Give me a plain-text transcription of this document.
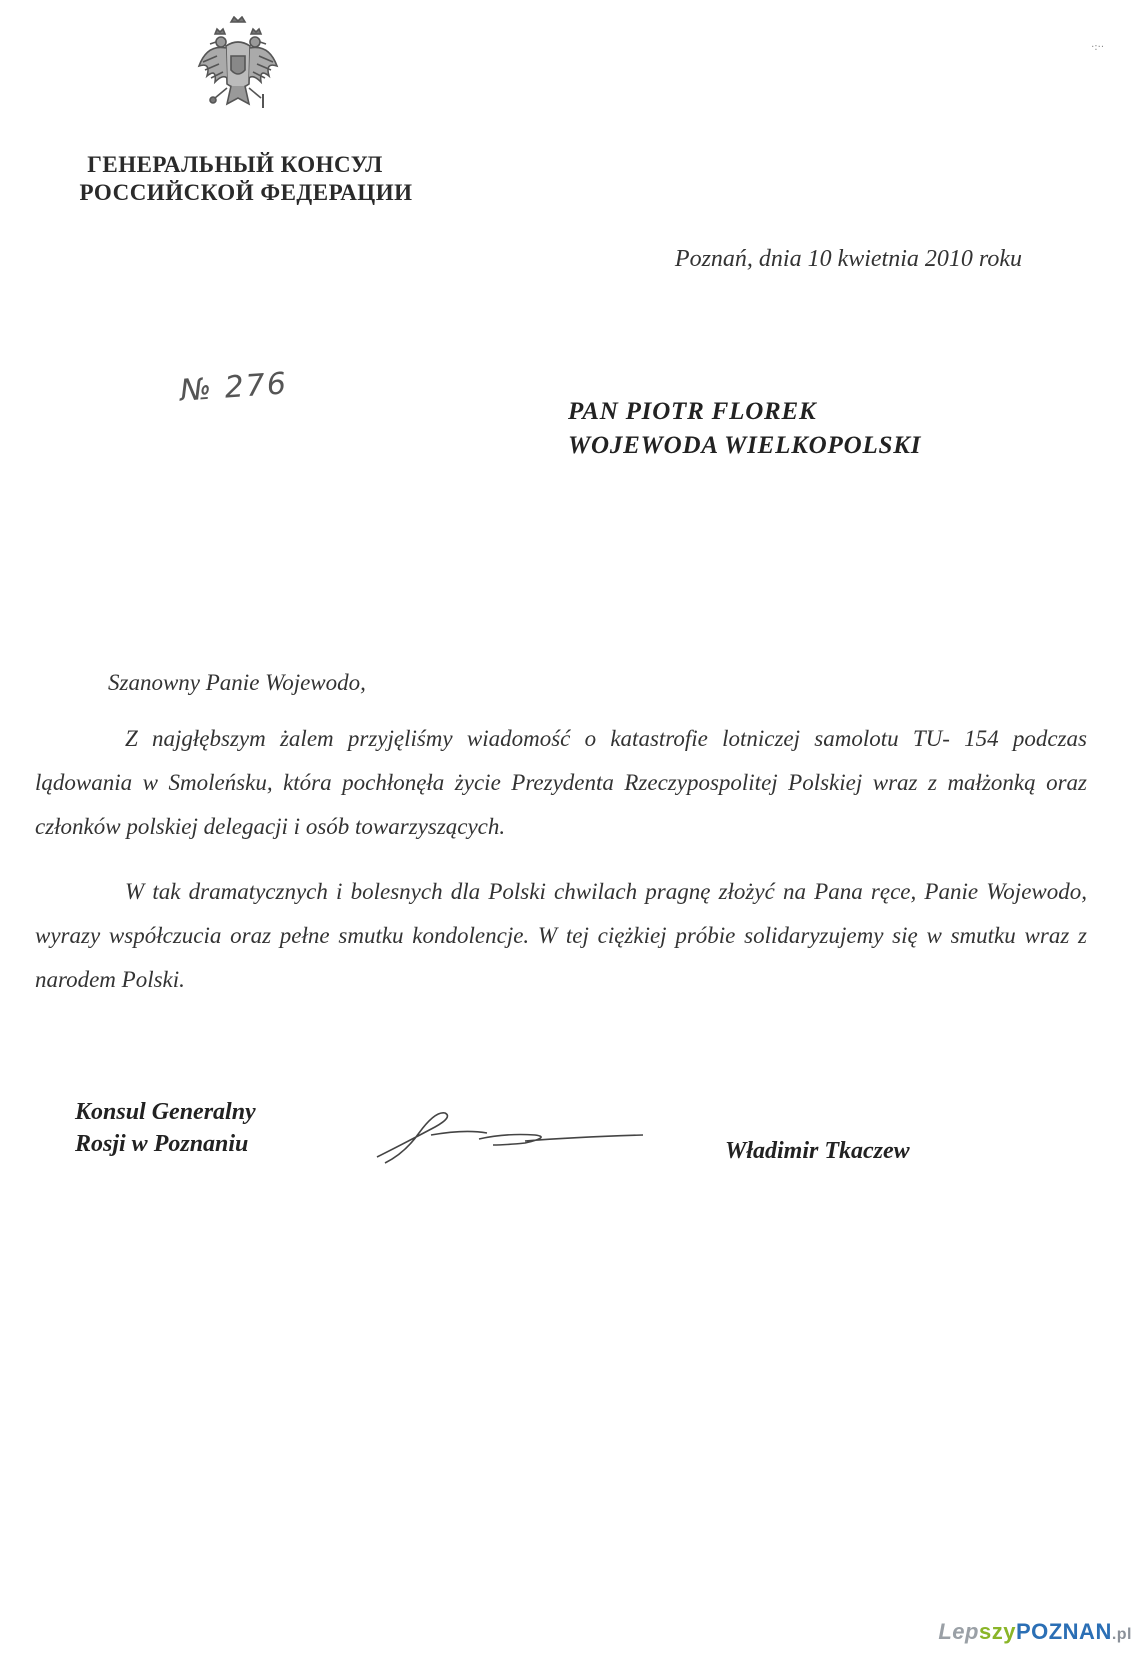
ГЕНЕРАЛЬНЫЙ КОНСУЛ
РОССИЙСКОЙ ФЕДЕРАЦИИ
·:··
Poznań, dnia 10 kwietnia 2010 roku
№ 276
PAN PIOTR FLOREK
WOJEWODA WIELKOPOLSKI
Szanowny Panie Wojewodo,
Z najgłębszym żalem przyjęliśmy wiadomość o katastrofie lotniczej samolotu TU- 154 podczas lądowania w Smoleńsku, która pochłonęła życie Prezydenta Rzeczypospolitej Polskiej wraz z małżonką oraz członków polskiej delegacji i osób towarzyszących.
W tak dramatycznych i bolesnych dla Polski chwilach pragnę złożyć na Pana ręce, Panie Wojewodo, wyrazy współczucia oraz pełne smutku kondolencje. W tej ciężkiej próbie solidaryzujemy się w smutku wraz z narodem Polski.
Konsul Generalny
Rosji w Poznaniu	Władimir Tkaczew
LepszyPOZNAN.pl
